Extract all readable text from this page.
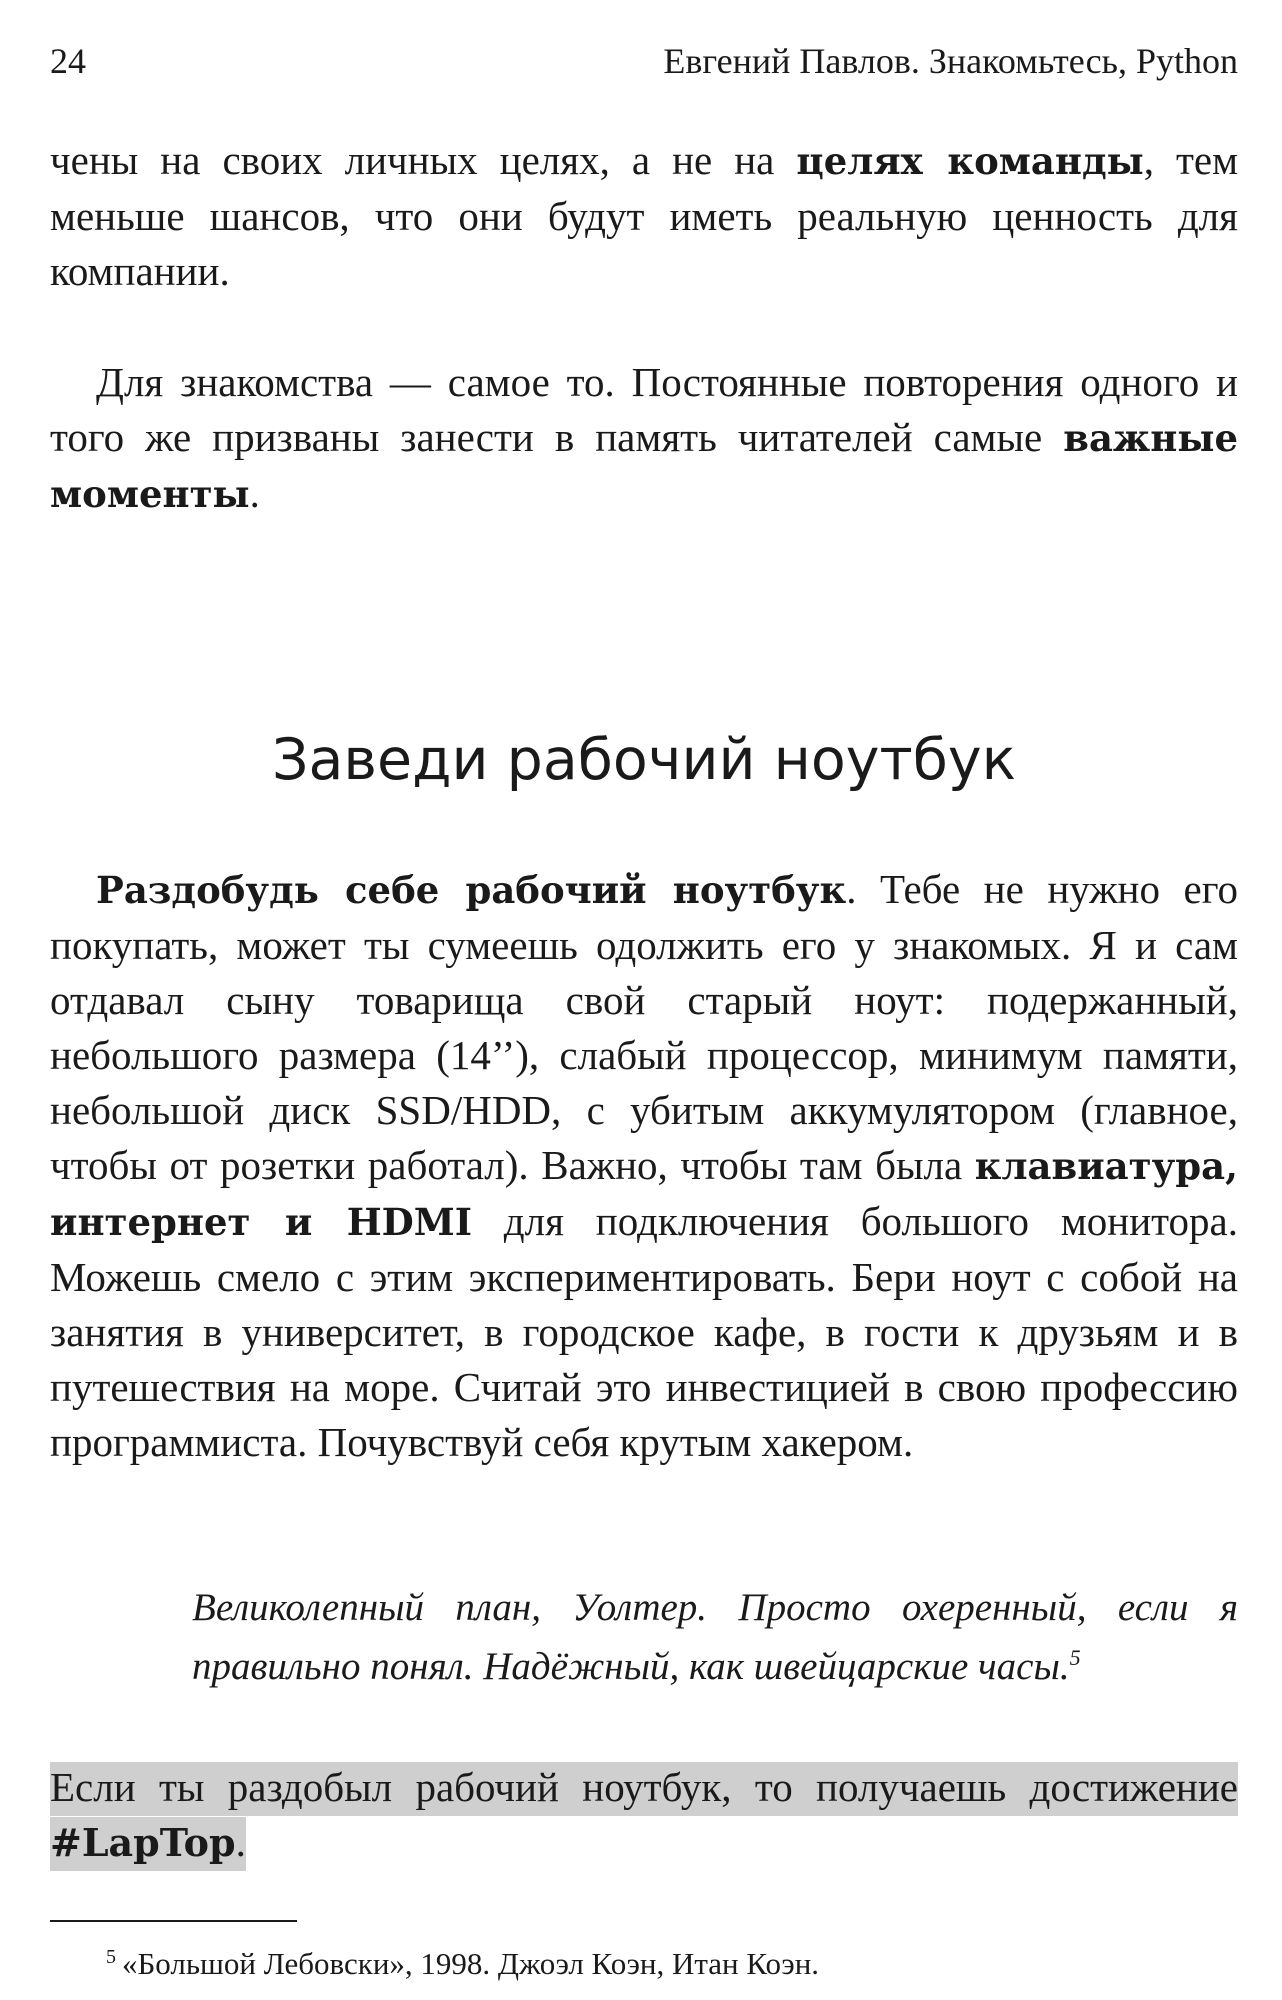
24	Евгений Павлов. Знакомьтесь, Python

чены на своих личных целях, а не на целях команды, тем меньше шансов, что они будут иметь реальную ценность для компании.

Для знакомства — самое то. Постоянные повторения одного и того же призваны занести в память читателей самые важные моменты.

Заведи рабочий ноутбук

Раздобудь себе рабочий ноутбук. Тебе не нужно его покупать, может ты сумеешь одолжить его у знакомых. Я и сам отдавал сыну товарища свой старый ноут: подержанный, небольшого размера (14’’), слабый процессор, минимум памяти, небольшой диск SSD/HDD, с убитым аккумулятором (главное, чтобы от розетки работал). Важно, чтобы там была клавиатура, интернет и HDMI для подключения большого монитора. Можешь смело с этим экспериментировать. Бери ноут с собой на занятия в университет, в городское кафе, в гости к друзьям и в путешествия на море. Считай это инвестицией в свою профессию программиста. Почувствуй себя крутым хакером.

Великолепный план, Уолтер. Просто охеренный, если я правильно понял. Надёжный, как швейцарские часы.$^5$

Если ты раздобыл рабочий ноутбук, то получаешь достижение #LapTop.

$^5$ «Большой Лебовски», 1998. Джоэл Коэн, Итан Коэн.
